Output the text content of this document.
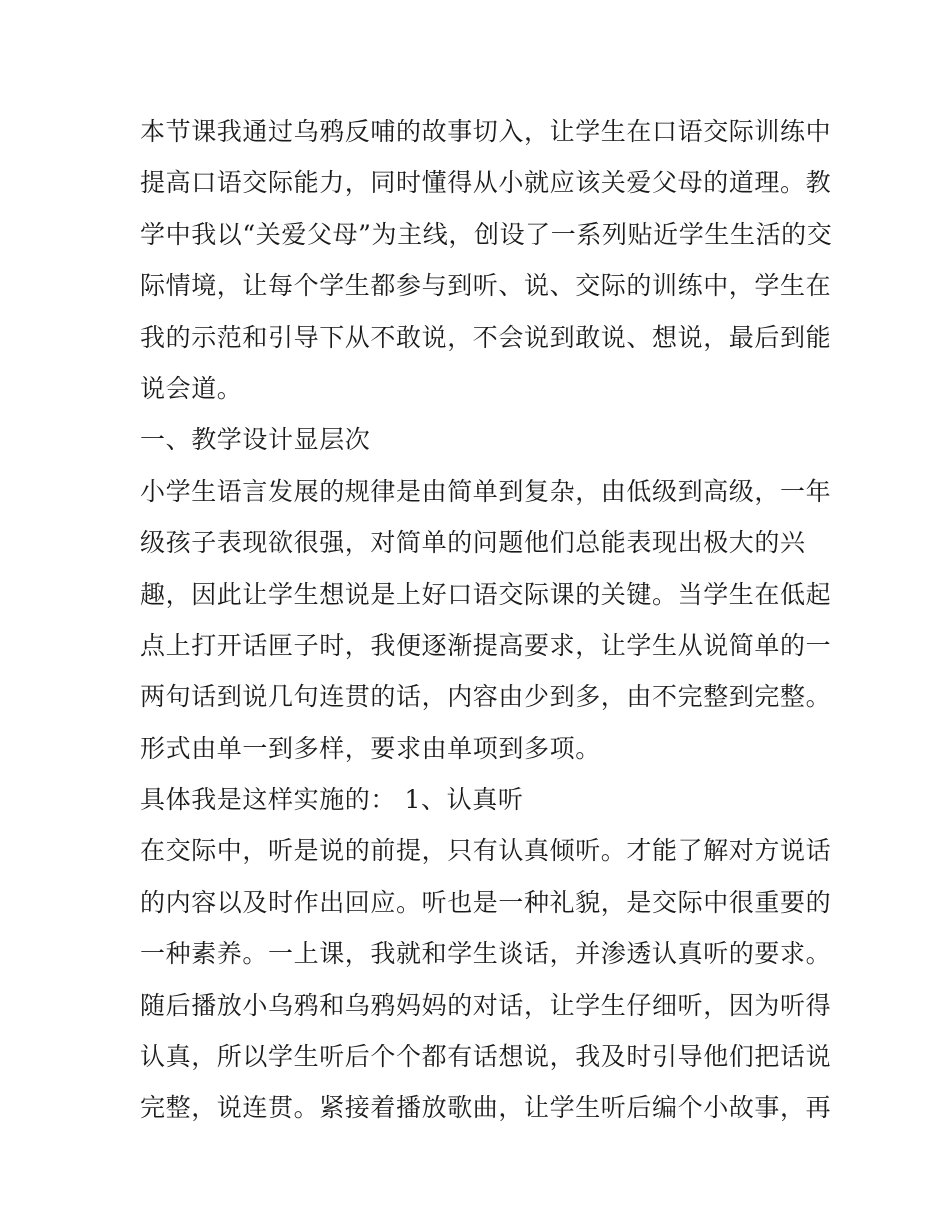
本节课我通过乌鸦反哺的故事切入，让学生在口语交际训练中
提高口语交际能力，同时懂得从小就应该关爱父母的道理。教
学中我以“关爱父母”为主线，创设了一系列贴近学生生活的交
际情境，让每个学生都参与到听、说、交际的训练中，学生在
我的示范和引导下从不敢说，不会说到敢说、想说，最后到能
说会道。
一、教学设计显层次
小学生语言发展的规律是由简单到复杂，由低级到高级，一年
级孩子表现欲很强，对简单的问题他们总能表现出极大的兴
趣，因此让学生想说是上好口语交际课的关键。当学生在低起
点上打开话匣子时，我便逐渐提高要求，让学生从说简单的一
两句话到说几句连贯的话，内容由少到多，由不完整到完整。
形式由单一到多样，要求由单项到多项。
具体我是这样实施的： 1、认真听
在交际中，听是说的前提，只有认真倾听。才能了解对方说话
的内容以及时作出回应。听也是一种礼貌，是交际中很重要的
一种素养。一上课，我就和学生谈话，并渗透认真听的要求。
随后播放小乌鸦和乌鸦妈妈的对话，让学生仔细听，因为听得
认真，所以学生听后个个都有话想说，我及时引导他们把话说
完整，说连贯。紧接着播放歌曲，让学生听后编个小故事，再
